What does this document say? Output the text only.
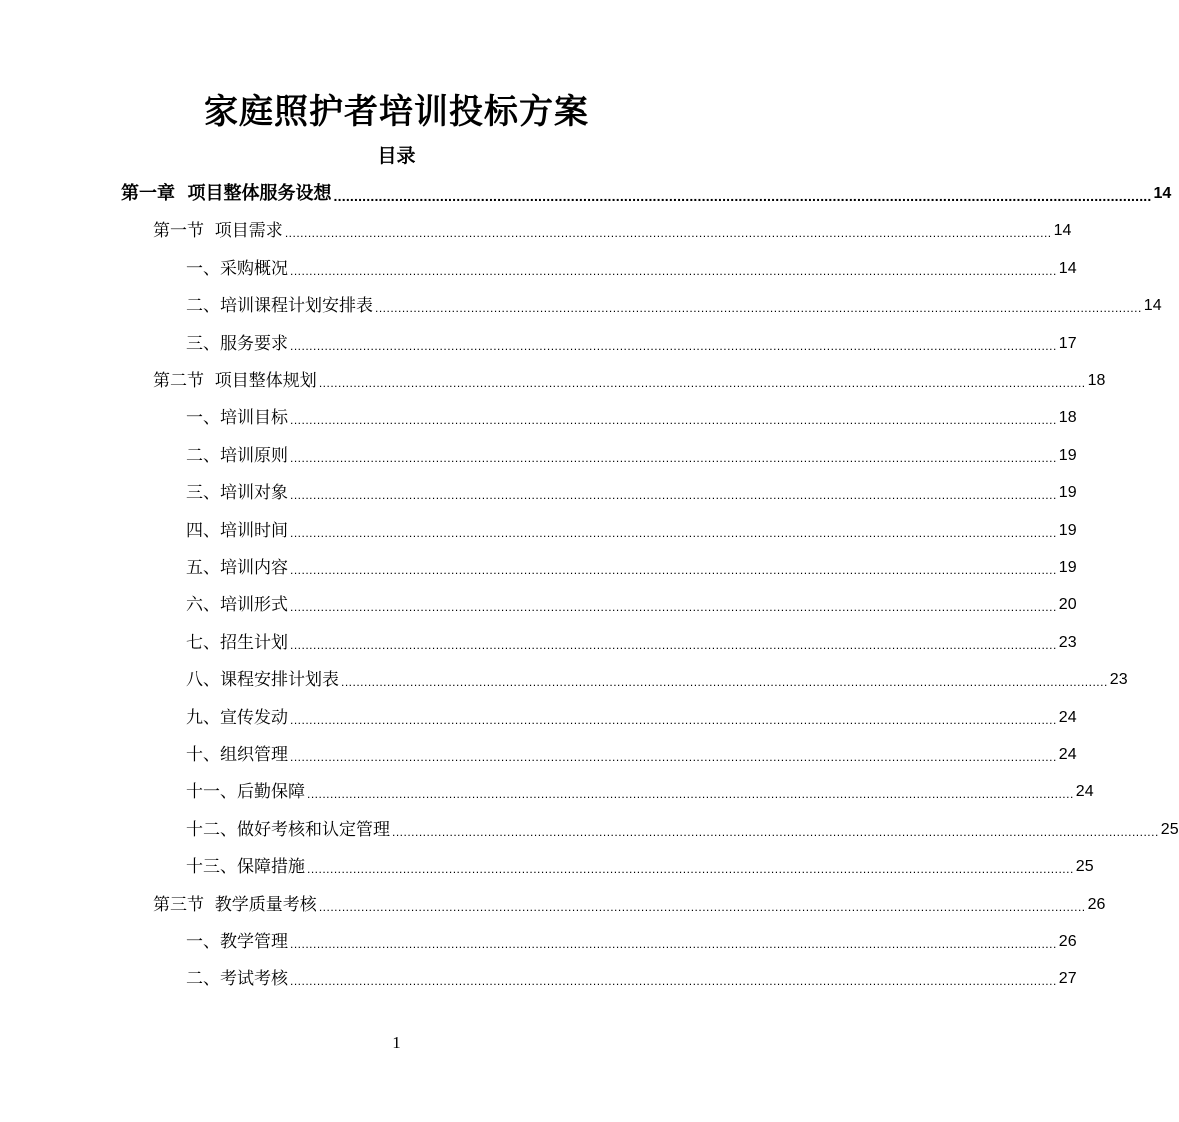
家庭照护者培训投标方案
目录
第一章  项目整体服务设想 ........................................................................................................................................................................................................ 14
第一节  项目需求 ........................................................................................................................................................................................................ 14
一、采购概况 ........................................................................................................................................................................................................ 14
二、培训课程计划安排表 ........................................................................................................................................................................................................ 14
三、服务要求 ........................................................................................................................................................................................................ 17
第二节  项目整体规划 ........................................................................................................................................................................................................ 18
一、培训目标 ........................................................................................................................................................................................................ 18
二、培训原则 ........................................................................................................................................................................................................ 19
三、培训对象 ........................................................................................................................................................................................................ 19
四、培训时间 ........................................................................................................................................................................................................ 19
五、培训内容 ........................................................................................................................................................................................................ 19
六、培训形式 ........................................................................................................................................................................................................ 20
七、招生计划 ........................................................................................................................................................................................................ 23
八、课程安排计划表 ........................................................................................................................................................................................................ 23
九、宣传发动 ........................................................................................................................................................................................................ 24
十、组织管理 ........................................................................................................................................................................................................ 24
十一、后勤保障 ........................................................................................................................................................................................................ 24
十二、做好考核和认定管理 ........................................................................................................................................................................................................ 25
十三、保障措施 ........................................................................................................................................................................................................ 25
第三节  教学质量考核 ........................................................................................................................................................................................................ 26
一、教学管理 ........................................................................................................................................................................................................ 26
二、考试考核 ........................................................................................................................................................................................................ 27
1
